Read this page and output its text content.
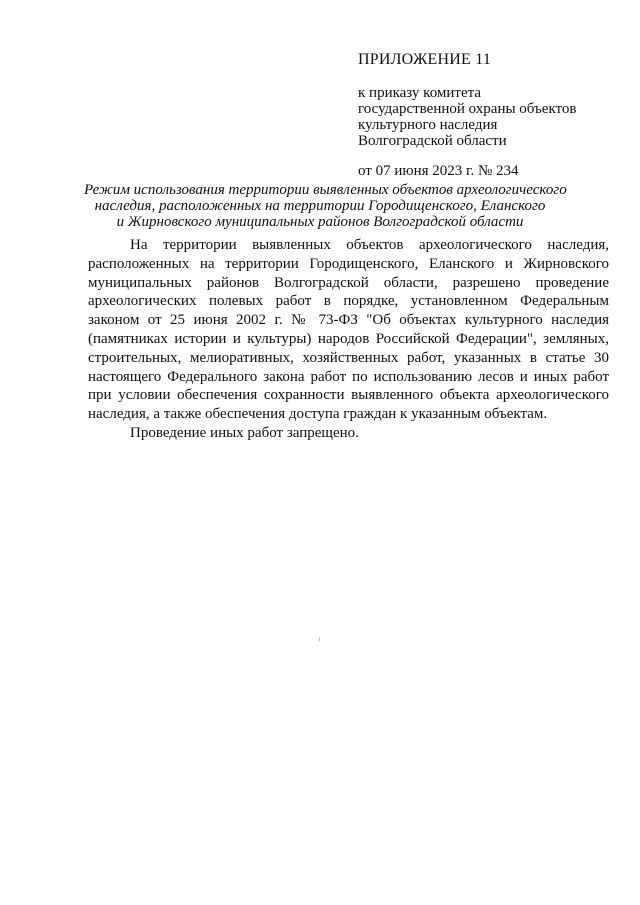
ПРИЛОЖЕНИЕ 11
к приказу комитета
государственной охраны объектов
культурного наследия
Волгоградской области
от 07 июня 2023 г. № 234
Режим использования территории выявленных объектов археологического
наследия, расположенных на территории Городищенского, Еланского
и Жирновского муниципальных районов Волгоградской области

На территории выявленных объектов археологического наследия, расположенных на территории Городищенского, Еланского и Жирновского муниципальных районов Волгоградской области, разрешено проведение археологических полевых работ в порядке, установленном Федеральным законом от 25 июня 2002 г. № 73-ФЗ "Об объектах культурного наследия (памятниках истории и культуры) народов Российской Федерации", земляных, строительных, мелиоративных, хозяйственных работ, указанных в статье 30 настоящего Федерального закона работ по использованию лесов и иных работ при условии обеспечения сохранности выявленного объекта археологического наследия, а также обеспечения доступа граждан к указанным объектам.

Проведение иных работ запрещено.
